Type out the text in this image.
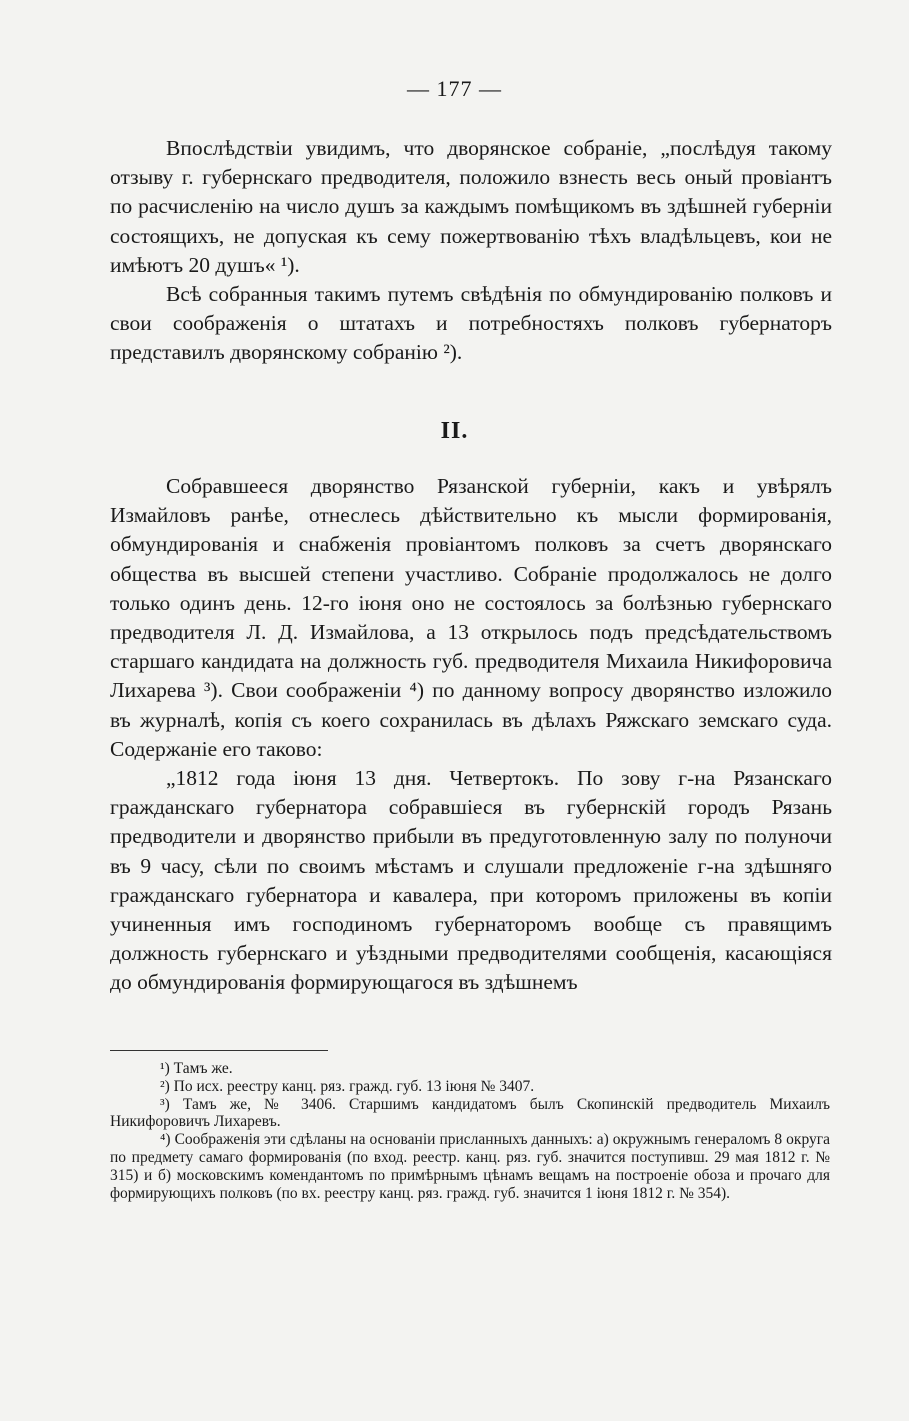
— 177 —

Впослѣдствіи увидимъ, что дворянское собраніе, „послѣдуя такому отзыву г. губернскаго предводителя, положило взнесть весь оный провіантъ по расчисленію на число душъ за каждымъ помѣщикомъ въ здѣшней губерніи состоящихъ, не допуская къ сему пожертвованію тѣхъ владѣльцевъ, кои не имѣютъ 20 душъ« ¹).

Всѣ собранныя такимъ путемъ свѣдѣнія по обмундированію полковъ и свои соображенія о штатахъ и потребностяхъ полковъ губернаторъ представилъ дворянскому собранію ²).

II.

Собравшееся дворянство Рязанской губерніи, какъ и увѣрялъ Измайловъ ранѣе, отнеслесь дѣйствительно къ мысли формированія, обмундированія и снабженія провіантомъ полковъ за счетъ дворянскаго общества въ высшей степени участливо. Собраніе продолжалось не долго только одинъ день. 12-го іюня оно не состоялось за болѣзнью губернскаго предводителя Л. Д. Измайлова, а 13 открылось подъ предсѣдательствомъ старшаго кандидата на должность губ. предводителя Михаила Никифоровича Лихарева ³). Свои соображеніи ⁴) по данному вопросу дворянство изложило въ журналѣ, копія съ коего сохранилась въ дѣлахъ Ряжскаго земскаго суда. Содержаніе его таково:

„1812 года іюня 13 дня. Четвертокъ. По зову г-на Рязанскаго гражданскаго губернатора собравшіеся въ губернскій городъ Рязань предводители и дворянство прибыли въ предуготовленную залу по полуночи въ 9 часу, сѣли по своимъ мѣстамъ и слушали предложеніе г-на здѣшняго гражданскаго губернатора и кавалера, при которомъ приложены въ копіи учиненныя имъ господиномъ губернаторомъ вообще съ правящимъ должность губернскаго и уѣздными предводителями сообщенія, касающіяся до обмундированія формирующагося въ здѣшнемъ

¹) Тамъ же.

²) По исх. реестру канц. ряз. гражд. губ. 13 іюня № 3407.

³) Тамъ же, № 3406. Старшимъ кандидатомъ былъ Скопинскій предводитель Михаилъ Никифоровичъ Лихаревъ.

⁴) Соображенія эти сдѣланы на основаніи присланныхъ данныхъ: а) окружнымъ генераломъ 8 округа по предмету самаго формированія (по вход. реестр. канц. ряз. губ. значится поступивш. 29 мая 1812 г. № 315) и б) московскимъ комендантомъ по примѣрнымъ цѣнамъ вещамъ на построеніе обоза и прочаго для формирующихъ полковъ (по вх. реестру канц. ряз. гражд. губ. значится 1 іюня 1812 г. № 354).
